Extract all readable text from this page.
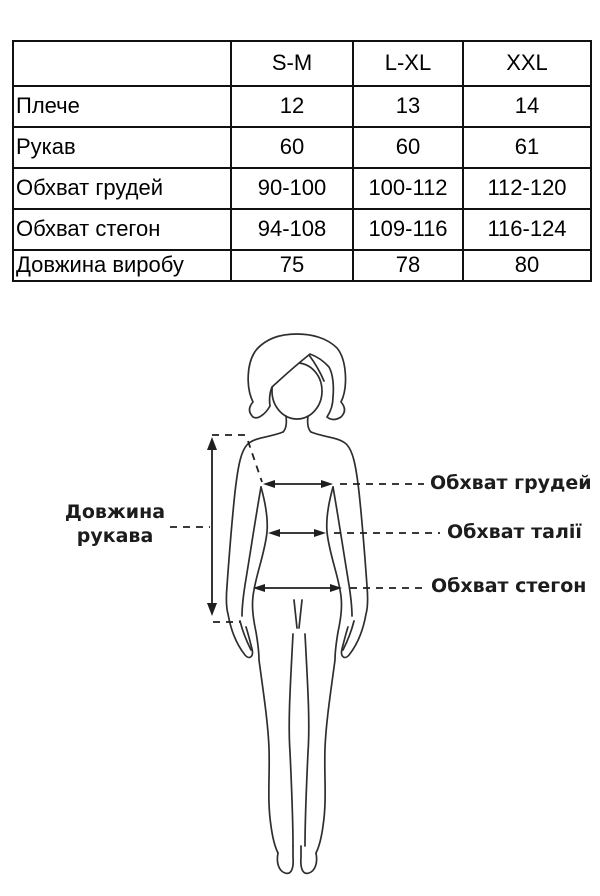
	S-M	L-XL	XXL
Плече	12	13	14
Рукав	60	60	61
Обхват грудей	90-100	100-112	112-120
Обхват стегон	94-108	109-116	116-124
Довжина виробу	75	78	80
Довжина рукава
Обхват грудей
Обхват талії
Обхват стегон
